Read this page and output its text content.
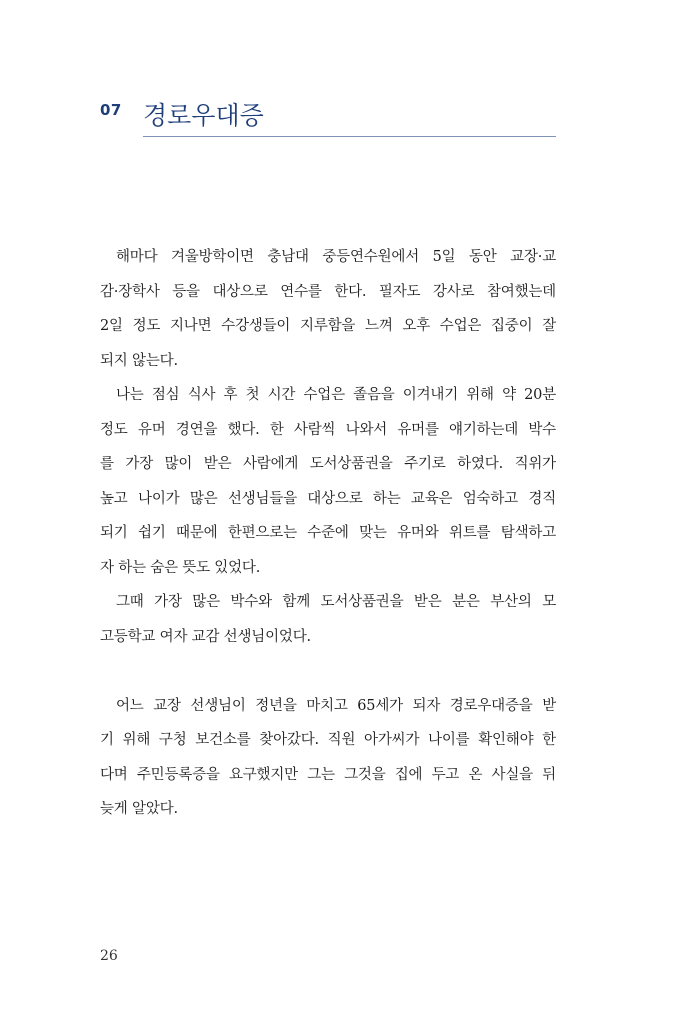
07 경로우대증
해마다 겨울방학이면 충남대 중등연수원에서 5일 동안 교장·교
감·장학사 등을 대상으로 연수를 한다. 필자도 강사로 참여했는데
2일 정도 지나면 수강생들이 지루함을 느껴 오후 수업은 집중이 잘
되지 않는다.
나는 점심 식사 후 첫 시간 수업은 졸음을 이겨내기 위해 약 20분
정도 유머 경연을 했다. 한 사람씩 나와서 유머를 얘기하는데 박수
를 가장 많이 받은 사람에게 도서상품권을 주기로 하였다. 직위가
높고 나이가 많은 선생님들을 대상으로 하는 교육은 엄숙하고 경직
되기 쉽기 때문에 한편으로는 수준에 맞는 유머와 위트를 탐색하고
자 하는 숨은 뜻도 있었다.
그때 가장 많은 박수와 함께 도서상품권을 받은 분은 부산의 모
고등학교 여자 교감 선생님이었다.
어느 교장 선생님이 정년을 마치고 65세가 되자 경로우대증을 받
기 위해 구청 보건소를 찾아갔다. 직원 아가씨가 나이를 확인해야 한
다며 주민등록증을 요구했지만 그는 그것을 집에 두고 온 사실을 뒤
늦게 알았다.
26
